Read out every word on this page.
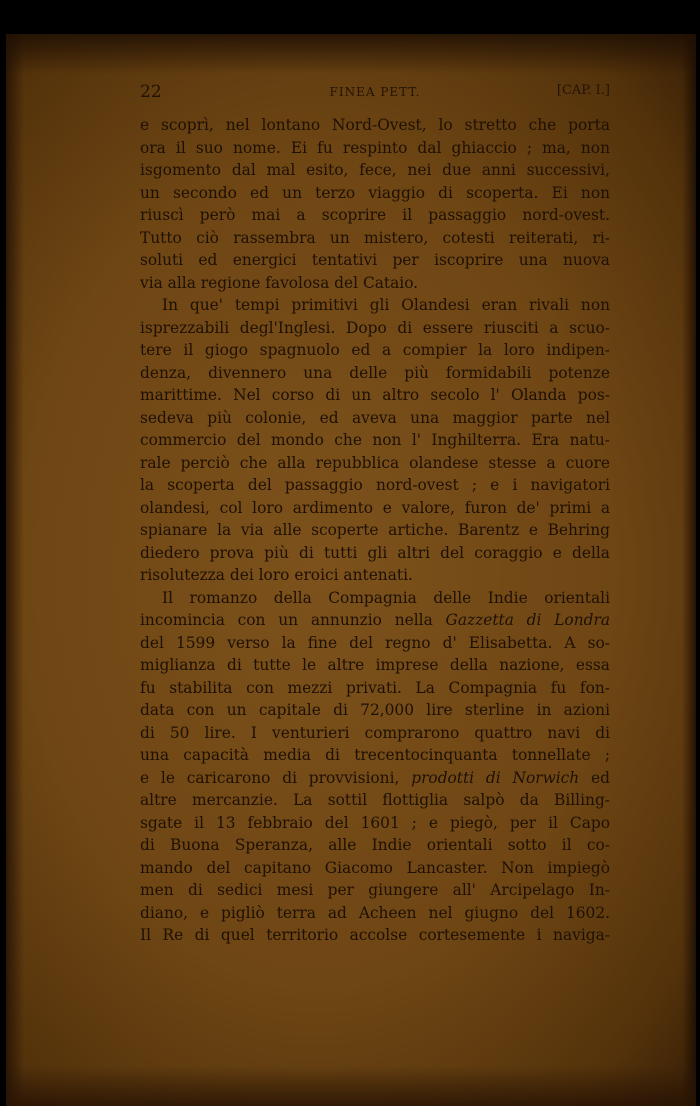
22	FINEA PETT.	[CAP. I.]
e scoprì, nel lontano Nord-Ovest, lo stretto che porta
ora il suo nome. Ei fu respinto dal ghiaccio ; ma, non
isgomento dal mal esito, fece, nei due anni successivi,
un secondo ed un terzo viaggio di scoperta. Ei non
riuscì però mai a scoprire il passaggio nord-ovest.
Tutto ciò rassembra un mistero, cotesti reiterati, ri-
soluti ed energici tentativi per iscoprire una nuova
via alla regione favolosa del Cataio.
In que' tempi primitivi gli Olandesi eran rivali non
isprezzabili degl'Inglesi. Dopo di essere riusciti a scuo-
tere il giogo spagnuolo ed a compier la loro indipen-
denza, divennero una delle più formidabili potenze
marittime. Nel corso di un altro secolo l' Olanda pos-
sedeva più colonie, ed aveva una maggior parte nel
commercio del mondo che non l' Inghilterra. Era natu-
rale perciò che alla repubblica olandese stesse a cuore
la scoperta del passaggio nord-ovest ; e i navigatori
olandesi, col loro ardimento e valore, furon de' primi a
spianare la via alle scoperte artiche. Barentz e Behring
diedero prova più di tutti gli altri del coraggio e della
risolutezza dei loro eroici antenati.
Il romanzo della Compagnia delle Indie orientali
incomincia con un annunzio nella Gazzetta di Londra
del 1599 verso la fine del regno d' Elisabetta. A so-
miglianza di tutte le altre imprese della nazione, essa
fu stabilita con mezzi privati. La Compagnia fu fon-
data con un capitale di 72,000 lire sterline in azioni
di 50 lire. I venturieri comprarono quattro navi di
una capacità media di trecentocinquanta tonnellate ;
e le caricarono di provvisioni, prodotti di Norwich ed
altre mercanzie. La sottil flottiglia salpò da Billing-
sgate il 13 febbraio del 1601 ; e piegò, per il Capo
di Buona Speranza, alle Indie orientali sotto il co-
mando del capitano Giacomo Lancaster. Non impiegò
men di sedici mesi per giungere all' Arcipelago In-
diano, e pigliò terra ad Acheen nel giugno del 1602.
Il Re di quel territorio accolse cortesemente i naviga-
